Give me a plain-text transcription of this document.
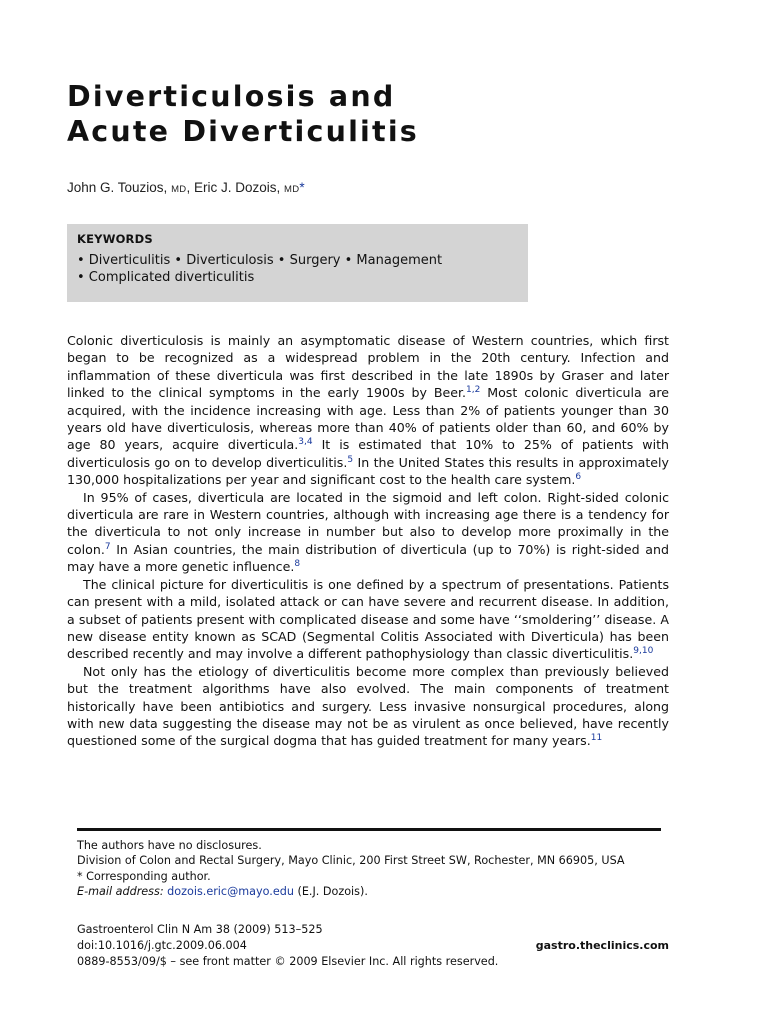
Diverticulosis and
Acute Diverticulitis
John G. Touzios, MD, Eric J. Dozois, MD*
KEYWORDS
• Diverticulitis • Diverticulosis • Surgery • Management
• Complicated diverticulitis

Colonic diverticulosis is mainly an asymptomatic disease of Western countries, which first began to be recognized as a widespread problem in the 20th century. Infection and inflammation of these diverticula was first described in the late 1890s by Graser and later linked to the clinical symptoms in the early 1900s by Beer.$^{1,2}$ Most colonic diverticula are acquired, with the incidence increasing with age. Less than 2% of patients younger than 30 years old have diverticulosis, whereas more than 40% of patients older than 60, and 60% by age 80 years, acquire diverticula.$^{3,4}$ It is estimated that 10% to 25% of patients with diverticulosis go on to develop diverticulitis.$^5$ In the United States this results in approximately 130,000 hospitalizations per year and significant cost to the health care system.$^6$

In 95% of cases, diverticula are located in the sigmoid and left colon. Right-sided colonic diverticula are rare in Western countries, although with increasing age there is a tendency for the diverticula to not only increase in number but also to develop more proximally in the colon.$^7$ In Asian countries, the main distribution of diverticula (up to 70%) is right-sided and may have a more genetic influence.$^8$

The clinical picture for diverticulitis is one defined by a spectrum of presentations. Patients can present with a mild, isolated attack or can have severe and recurrent disease. In addition, a subset of patients present with complicated disease and some have ‘‘smoldering’’ disease. A new disease entity known as SCAD (Segmental Colitis Associated with Diverticula) has been described recently and may involve a different pathophysiology than classic diverticulitis.$^{9,10}$

Not only has the etiology of diverticulitis become more complex than previously believed but the treatment algorithms have also evolved. The main components of treatment historically have been antibiotics and surgery. Less invasive nonsurgical procedures, along with new data suggesting the disease may not be as virulent as once believed, have recently questioned some of the surgical dogma that has guided treatment for many years.$^{11}$

The authors have no disclosures.

Division of Colon and Rectal Surgery, Mayo Clinic, 200 First Street SW, Rochester, MN 66905, USA

* Corresponding author.

E-mail address: dozois.eric@mayo.edu (E.J. Dozois).

Gastroenterol Clin N Am 38 (2009) 513–525
doi:10.1016/j.gtc.2009.06.004
0889-8553/09/$ – see front matter © 2009 Elsevier Inc. All rights reserved.
gastro.theclinics.com
